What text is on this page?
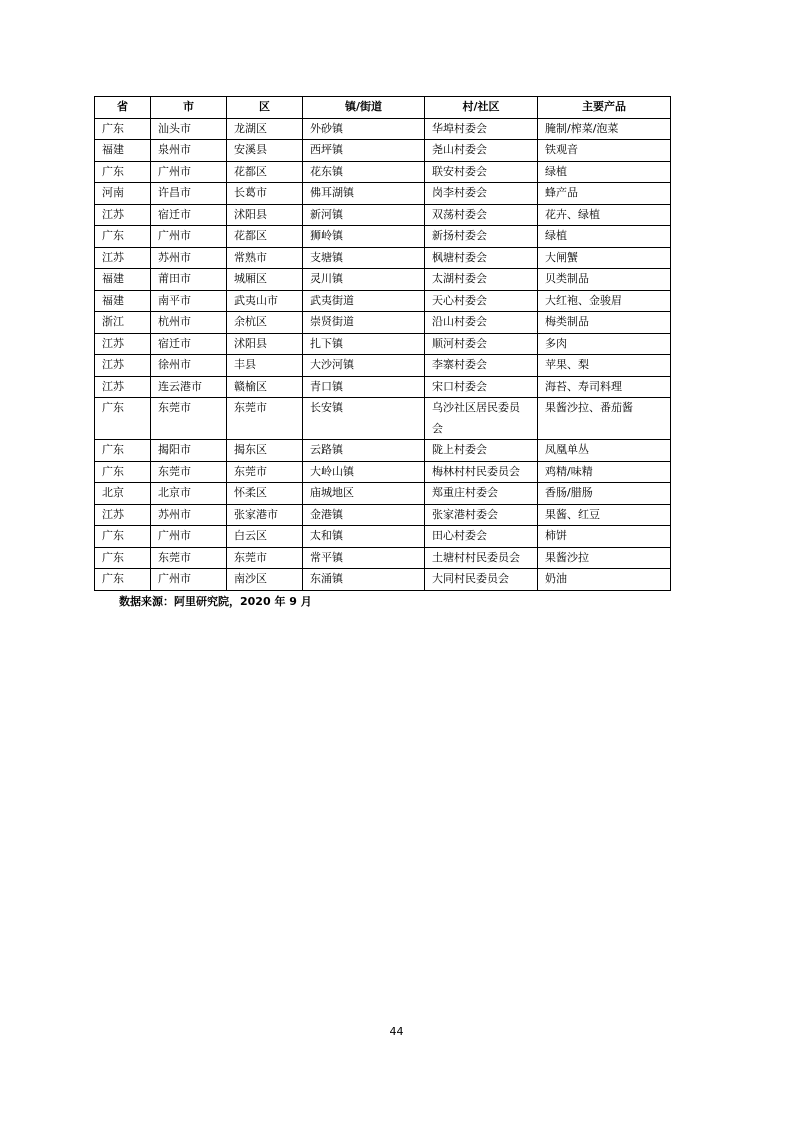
省	市	区	镇/街道	村/社区	主要产品
广东	汕头市	龙湖区	外砂镇	华埠村委会	腌制/榨菜/泡菜
福建	泉州市	安溪县	西坪镇	尧山村委会	铁观音
广东	广州市	花都区	花东镇	联安村委会	绿植
河南	许昌市	长葛市	佛耳湖镇	岗李村委会	蜂产品
江苏	宿迁市	沭阳县	新河镇	双荡村委会	花卉、绿植
广东	广州市	花都区	狮岭镇	新扬村委会	绿植
江苏	苏州市	常熟市	支塘镇	枫塘村委会	大闸蟹
福建	莆田市	城厢区	灵川镇	太湖村委会	贝类制品
福建	南平市	武夷山市	武夷街道	天心村委会	大红袍、金骏眉
浙江	杭州市	余杭区	崇贤街道	沿山村委会	梅类制品
江苏	宿迁市	沭阳县	扎下镇	顺河村委会	多肉
江苏	徐州市	丰县	大沙河镇	李寨村委会	苹果、梨
江苏	连云港市	赣榆区	青口镇	宋口村委会	海苔、寿司料理
广东	东莞市	东莞市	长安镇	乌沙社区居民委员会	果酱沙拉、番茄酱
广东	揭阳市	揭东区	云路镇	陇上村委会	凤凰单丛
广东	东莞市	东莞市	大岭山镇	梅林村村民委员会	鸡精/味精
北京	北京市	怀柔区	庙城地区	郑重庄村委会	香肠/腊肠
江苏	苏州市	张家港市	金港镇	张家港村委会	果酱、红豆
广东	广州市	白云区	太和镇	田心村委会	柿饼
广东	东莞市	东莞市	常平镇	土塘村村民委员会	果酱沙拉
广东	广州市	南沙区	东涌镇	大同村民委员会	奶油
数据来源：阿里研究院，2020 年 9 月
44
